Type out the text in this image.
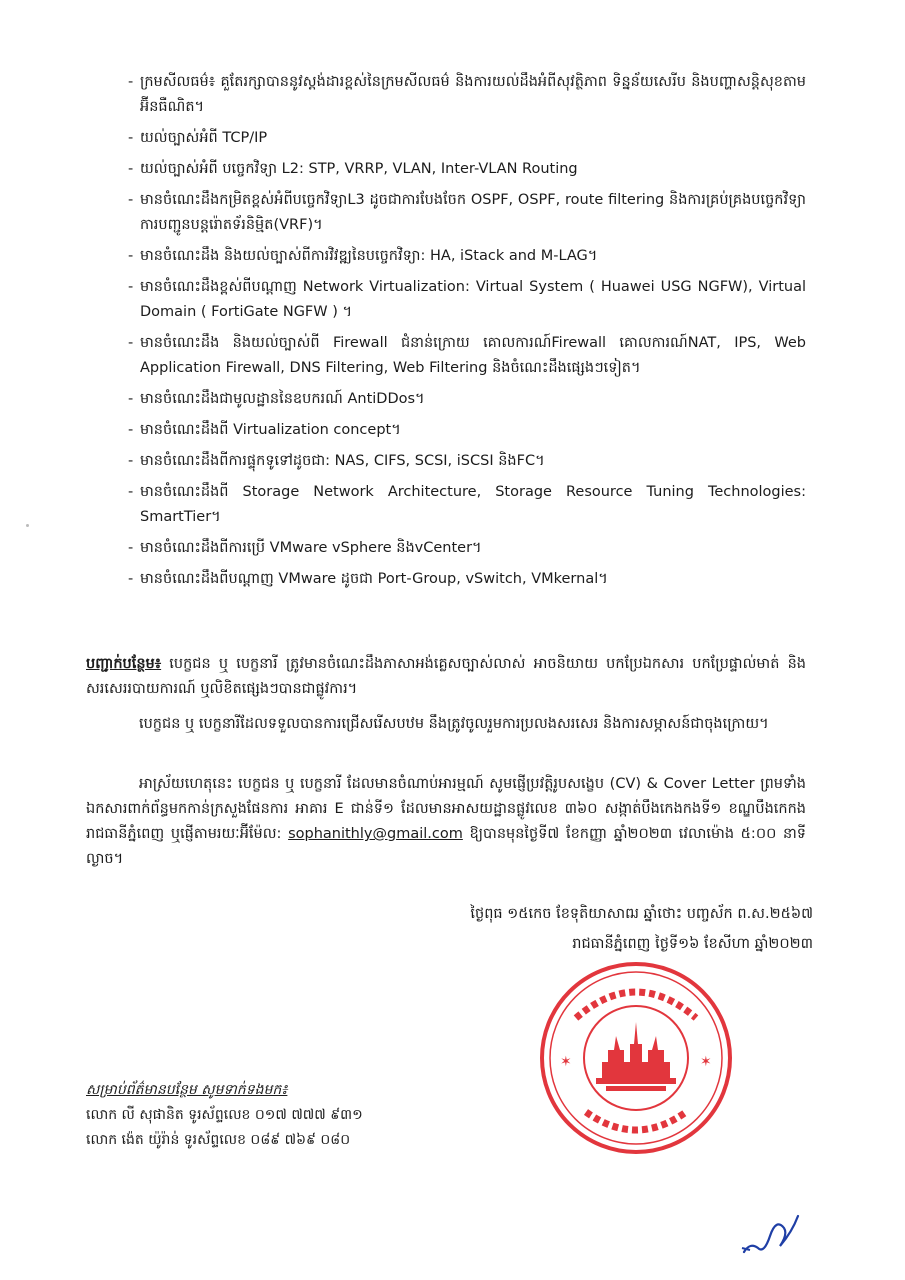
- ក្រមសីលធម៌៖ គួតែរក្សាបាននូវស្តង់ដារខ្ពស់នៃក្រមសីលធម៌ និងការយល់ដឹងអំពីសុវត្ថិភាព ទិន្នន័យសេរីប និងបញ្ហាសន្តិសុខតាមអ៊ីនធឺណិត។
- យល់ច្បាស់អំពី TCP/IP
- យល់ច្បាស់អំពី បច្ចេកវិទ្យា L2: STP, VRRP, VLAN, Inter-VLAN Routing
- មានចំណេះដឹងកម្រិតខ្ពស់អំពីបច្ចេកវិទ្យាL3 ដូចជាការបែងចែក OSPF, OSPF, route filtering និងការគ្រប់គ្រងបច្ចេកវិទ្យា ការបញ្ជូនបន្តរ៉ោតទ័រនិម្មិត(VRF)។
- មានចំណេះដឹង និងយល់ច្បាស់ពីការវិវឌ្ឍនៃបច្ចេកវិទ្យា: HA, iStack and M-LAG។
- មានចំណេះដឹងខ្ពស់ពីបណ្តាញ Network Virtualization: Virtual System ( Huawei USG NGFW), Virtual Domain ( FortiGate NGFW ) ។
- មានចំណេះដឹង និងយល់ច្បាស់ពី Firewall ជំនាន់ក្រោយ គោលការណ៍Firewall គោលការណ៍NAT, IPS, Web Application Firewall, DNS Filtering, Web Filtering និងចំណេះដឹងផ្សេងៗទៀត។
- មានចំណេះដឹងជាមូលដ្ឋាននៃឧបករណ៍ AntiDDos។
- មានចំណេះដឹងពី Virtualization concept។
- មានចំណេះដឹងពីការផ្ទុកទូទៅដូចជា: NAS, CIFS, SCSI, iSCSI និងFC។
- មានចំណេះដឹងពី Storage Network Architecture, Storage Resource Tuning Technologies: SmartTier។
- មានចំណេះដឹងពីការប្រើ VMware vSphere និងvCenter។
- មានចំណេះដឹងពីបណ្តាញ VMware ដូចជា Port-Group, vSwitch, VMkernal។
បញ្ជាក់បន្ថែម៖ បេក្ខជន ឬ បេក្ខនារី ត្រូវមានចំណេះដឹងភាសាអង់គ្លេសច្បាស់លាស់ អាចនិយាយ បកប្រែឯកសារ បកប្រែផ្ទាល់មាត់ និងសរសេររបាយការណ៍ ឬលិខិតផ្សេងៗបានជាផ្លូវការ។
បេក្ខជន ឬ បេក្ខនារីដែលទទួលបានការជ្រើសរើសបឋម នឹងត្រូវចូលរួមការប្រលងសរសេរ និងការសម្ភាសន៍ជាចុងក្រោយ។
អាស្រ័យហេតុនេះ បេក្ខជន ឬ បេក្ខនារី ដែលមានចំណាប់អារម្មណ៍ សូមផ្ញើប្រវត្តិរូបសង្ខេប (CV) & Cover Letter ព្រមទាំងឯកសារពាក់ព័ន្ធមកកាន់ក្រសួងផែនការ អាគារ E ជាន់ទី១ ដែលមានអាសយដ្ឋានផ្លូវលេខ ៣៦០ សង្កាត់បឹងកេងកងទី១ ខណ្ឌបឹងកេកង រាជធានីភ្នំពេញ ឬផ្ញើតាមរយៈអ៊ីម៉ែល: sophanithly@gmail.com ឱ្យបានមុនថ្ងៃទី៧ ខែកញ្ញា ឆ្នាំ២០២៣ វេលាម៉ោង ៥:០០ នាទីល្ងាច។
ថ្ងៃពុធ ១៥កេច ខែទុតិយាសាឍ ឆ្នាំថោះ បញ្ចស័ក ព.ស.២៥៦៧
រាជធានីភ្នំពេញ ថ្ងៃទី១៦ ខែសីហា ឆ្នាំ២០២៣
✶	✶
សម្រាប់ព័ត៌មានបន្ថែម សូមទាក់ទងមក៖
លោក លី សុផានិត ទូរស័ព្ទលេខ ០១៧ ៧៧៧ ៩៣១
លោក ង៉េត យ៉ូរ៉ាន់ ទូរស័ព្ទលេខ ០៨៩ ៧៦៩ ០៨០
